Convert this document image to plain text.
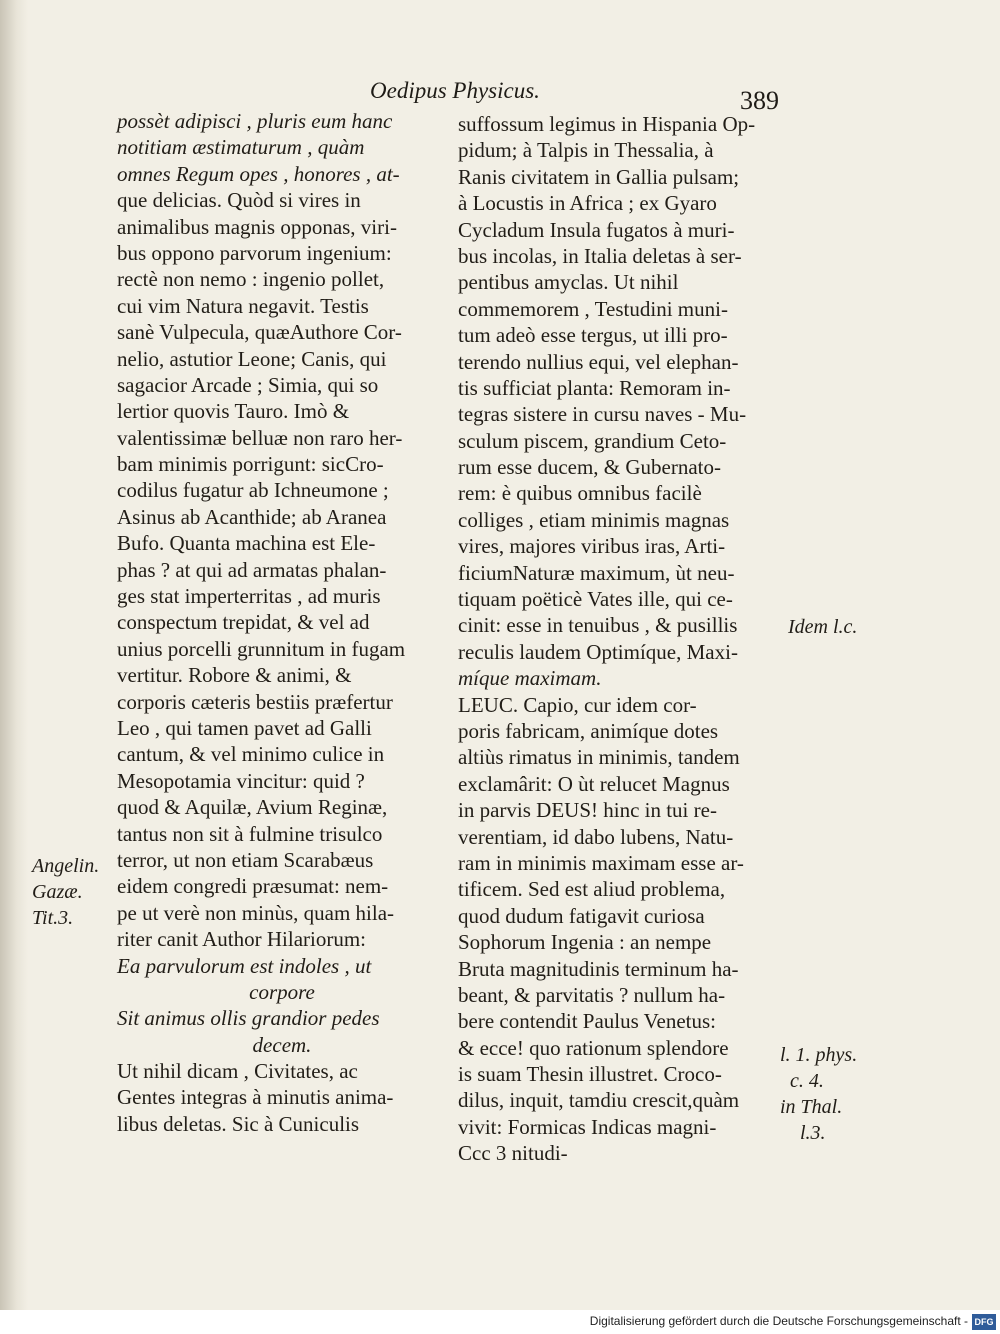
Oedipus Physicus.	389
possèt adipisci , pluris eum hanc
notitiam æstimaturum , quàm
omnes Regum opes , honores , at-
que delicias. Quòd si vires in
animalibus magnis opponas, viri-
bus oppono parvorum ingenium:
rectè non nemo : ingenio pollet,
cui vim Natura negavit. Testis
sanè Vulpecula, quæAuthore Cor-
nelio, astutior Leone; Canis, qui
sagacior Arcade ; Simia, qui so
lertior quovis Tauro. Imò &
valentissimæ belluæ non raro her-
bam minimis porrigunt: sicCro-
codilus fugatur ab Ichneumone ;
Asinus ab Acanthide; ab Aranea
Bufo. Quanta machina est Ele-
phas ? at qui ad armatas phalan-
ges stat imperterritas , ad muris
conspectum trepidat, & vel ad
unius porcelli grunnitum in fugam
vertitur. Robore & animi, &
corporis cæteris bestiis præfertur
Leo , qui tamen pavet ad Galli
cantum, & vel minimo culice in
Mesopotamia vincitur: quid ?
quod & Aquilæ, Avium Reginæ,
tantus non sit à fulmine trisulco
terror, ut non etiam Scarabæus
eidem congredi præsumat: nem-
pe ut verè non minùs, quam hila-
riter canit Author Hilariorum:
Ea parvulorum est indoles , ut
corpore
Sit animus ollis grandior pedes
decem.
Ut nihil dicam , Civitates, ac
Gentes integras à minutis anima-
libus deletas. Sic à Cuniculis
suffossum legimus in Hispania Op-
pidum; à Talpis in Thessalia, à
Ranis civitatem in Gallia pulsam;
à Locustis in Africa ; ex Gyaro
Cycladum Insula fugatos à muri-
bus incolas, in Italia deletas à ser-
pentibus amyclas. Ut nihil
commemorem , Testudini muni-
tum adeò esse tergus, ut illi pro-
terendo nullius equi, vel elephan-
tis sufficiat planta: Remoram in-
tegras sistere in cursu naves - Mu-
sculum piscem, grandium Ceto-
rum esse ducem, & Gubernato-
rem: è quibus omnibus facilè
colliges , etiam minimis magnas
vires, majores viribus iras, Arti-
ficiumNaturæ maximum, ùt neu-
tiquam poëticè Vates ille, qui ce-
cinit: esse in tenuibus , & pusillis
reculis laudem Optimíque, Maxi-
míque maximam.
LEUC. Capio, cur idem cor-
poris fabricam, animíque dotes
altiùs rimatus in minimis, tandem
exclamârit: O ùt relucet Magnus
in parvis DEUS! hinc in tui re-
verentiam, id dabo lubens, Natu-
ram in minimis maximam esse ar-
tificem. Sed est aliud problema,
quod dudum fatigavit curiosa
Sophorum Ingenia : an nempe
Bruta magnitudinis terminum ha-
beant, & parvitatis ? nullum ha-
bere contendit Paulus Venetus:
& ecce! quo rationum splendore
is suam Thesin illustret. Croco-
dilus, inquit, tamdiu crescit,quàm
vivit: Formicas Indicas magni-
Ccc 3 nitudi-
Angelin.
Gazæ.
Tit.3.
Idem l.c.
l. 1. phys.
c. 4.
in Thal.
l.3.
Digitalisierung gefördert durch die Deutsche Forschungsgemeinschaft - DFG
